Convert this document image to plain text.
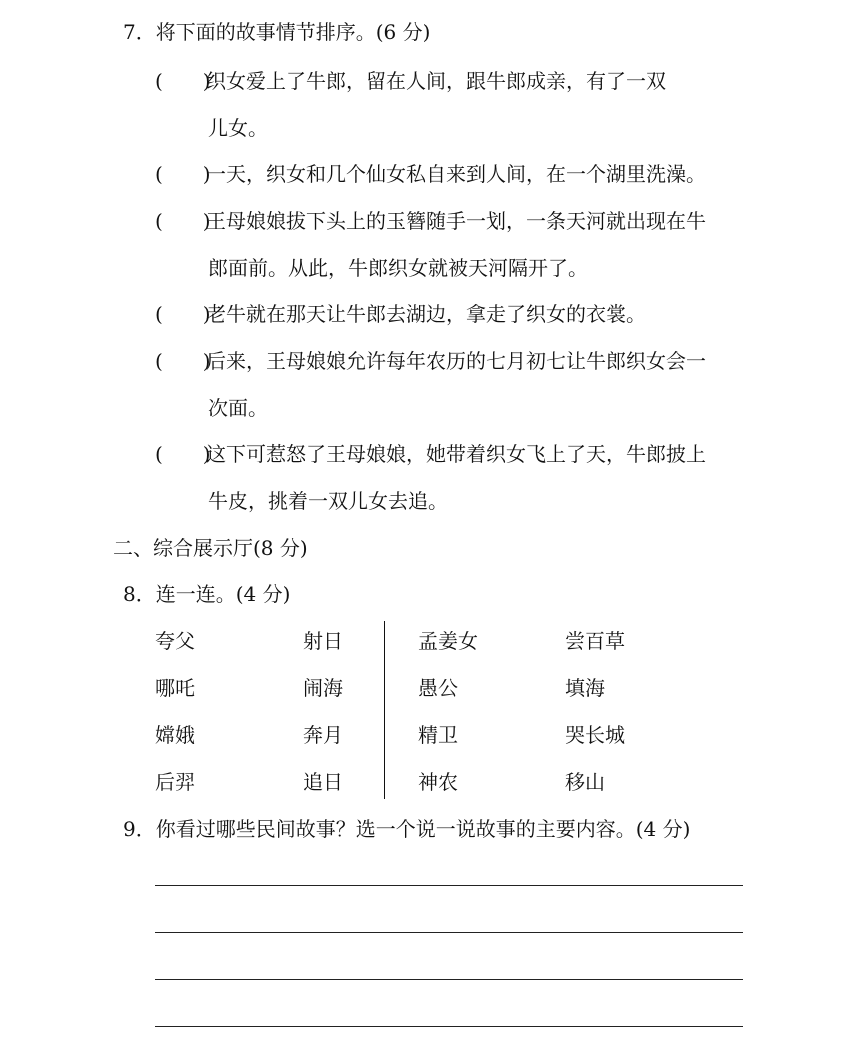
7．将下面的故事情节排序。(6 分)
(　　)
织女爱上了牛郎，留在人间，跟牛郎成亲，有了一双
儿女。
(　　)
一天，织女和几个仙女私自来到人间，在一个湖里洗澡。
(　　)
王母娘娘拔下头上的玉簪随手一划，一条天河就出现在牛
郎面前。从此，牛郎织女就被天河隔开了。
(　　)
老牛就在那天让牛郎去湖边，拿走了织女的衣裳。
(　　)
后来，王母娘娘允许每年农历的七月初七让牛郎织女会一
次面。
(　　)
这下可惹怒了王母娘娘，她带着织女飞上了天，牛郎披上
牛皮，挑着一双儿女去追。
二、综合展示厅(8 分)
8．连一连。(4 分)
夸父
哪吒
嫦娥
后羿
射日
闹海
奔月
追日
孟姜女
愚公
精卫
神农
尝百草
填海
哭长城
移山
9．你看过哪些民间故事？选一个说一说故事的主要内容。(4 分)
